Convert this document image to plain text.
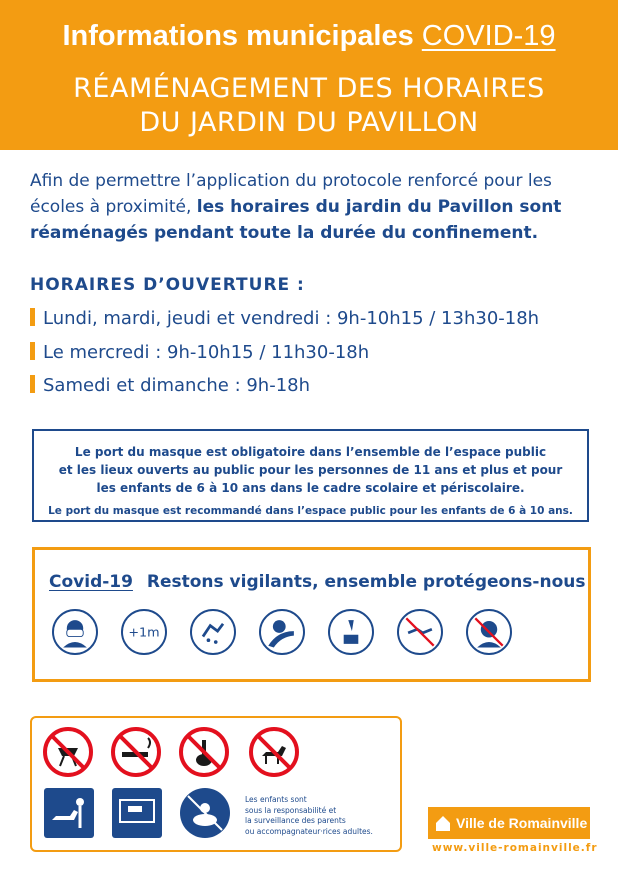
Informations municipales COVID-19
RÉAMÉNAGEMENT DES HORAIRES
DU JARDIN DU PAVILLON
Afin de permettre l’application du protocole renforcé pour les écoles à proximité, les horaires du jardin du Pavillon sont réaménagés pendant toute la durée du confinement.
HORAIRES D’OUVERTURE :
Lundi, mardi, jeudi et vendredi : 9h-10h15 / 13h30-18h
Le mercredi : 9h-10h15 / 11h30-18h
Samedi et dimanche : 9h-18h
Le port du masque est obligatoire dans l’ensemble de l’espace public
et les lieux ouverts au public pour les personnes de 11 ans et plus et pour
les enfants de 6 à 10 ans dans le cadre scolaire et périscolaire.
Le port du masque est recommandé dans l’espace public pour les enfants de 6 à 10 ans.
Covid-19 Restons vigilants, ensemble protégeons-nous
+1m
Les enfants sont
sous la responsabilité et
la surveillance des parents
ou accompagnateur·rices adultes.	Ville de Romainville
www.ville-romainville.fr
